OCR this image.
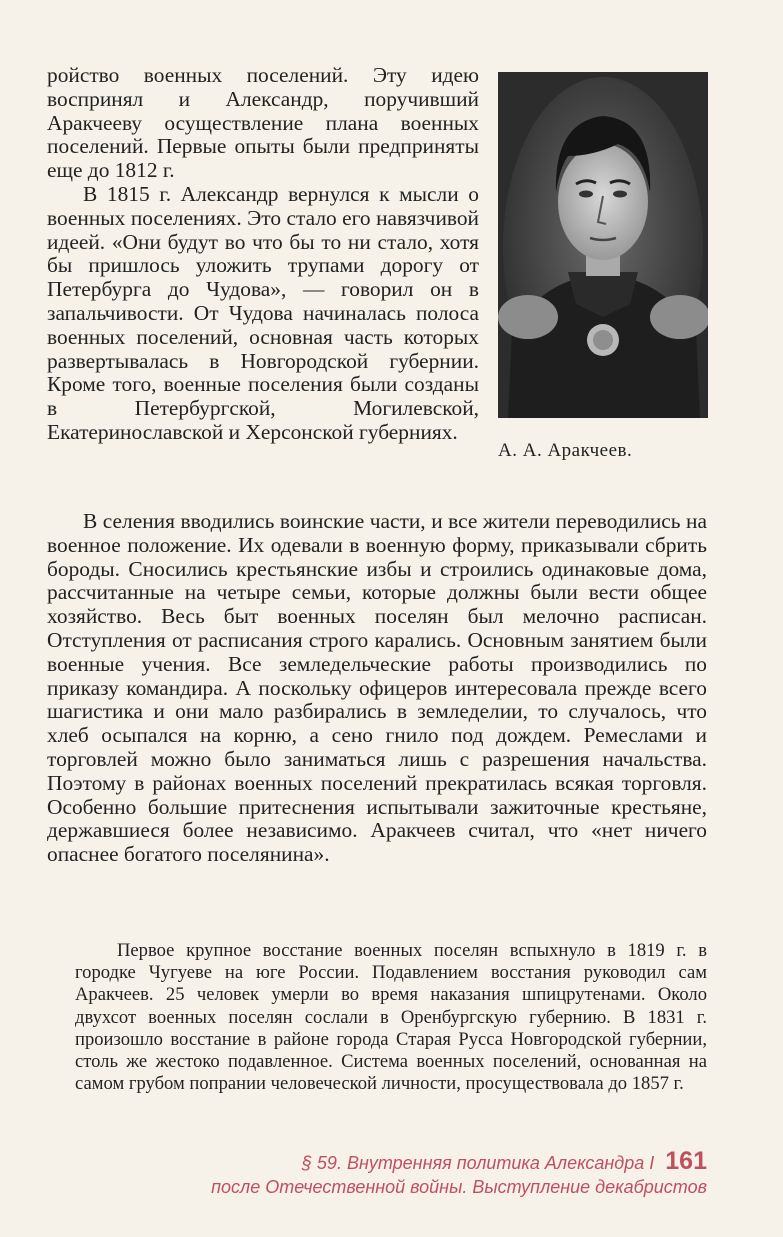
ройство военных поселений. Эту идею воспринял и Александр, поручивший Аракчееву осуществление плана военных поселений. Первые опыты были предприняты еще до 1812 г.

В 1815 г. Александр вернулся к мысли о военных поселениях. Это стало его навязчивой идеей. «Они будут во что бы то ни стало, хотя бы пришлось уложить трупами дорогу от Петербурга до Чудова», — говорил он в запальчивости. От Чудова начиналась полоса военных поселений, основная часть которых развертывалась в Новгородской губернии. Кроме того, военные поселения были созданы в Петербургской, Могилевской, Екатеринославской и Херсонской губерниях.

А. А. Аракчеев.

В селения вводились воинские части, и все жители переводились на военное положение. Их одевали в военную форму, приказывали сбрить бороды. Сносились крестьянские избы и строились одинаковые дома, рассчитанные на четыре семьи, которые должны были вести общее хозяйство. Весь быт военных поселян был мелочно расписан. Отступления от расписания строго карались. Основным занятием были военные учения. Все земледельческие работы производились по приказу командира. А поскольку офицеров интересовала прежде всего шагистика и они мало разбирались в земледелии, то случалось, что хлеб осыпался на корню, а сено гнило под дождем. Ремеслами и торговлей можно было заниматься лишь с разрешения начальства. Поэтому в районах военных поселений прекратилась всякая торговля. Особенно большие притеснения испытывали зажиточные крестьяне, державшиеся более независимо. Аракчеев считал, что «нет ничего опаснее богатого поселянина».

Первое крупное восстание военных поселян вспыхнуло в 1819 г. в городке Чугуеве на юге России. Подавлением восстания руководил сам Аракчеев. 25 человек умерли во время наказания шпицрутенами. Около двухсот военных поселян сослали в Оренбургскую губернию. В 1831 г. произошло восстание в районе города Старая Русса Новгородской губернии, столь же жестоко подавленное. Система военных поселений, основанная на самом грубом попрании человеческой личности, просуществовала до 1857 г.

§ 59. Внутренняя политика Александра I 161
после Отечественной войны. Выступление декабристов
